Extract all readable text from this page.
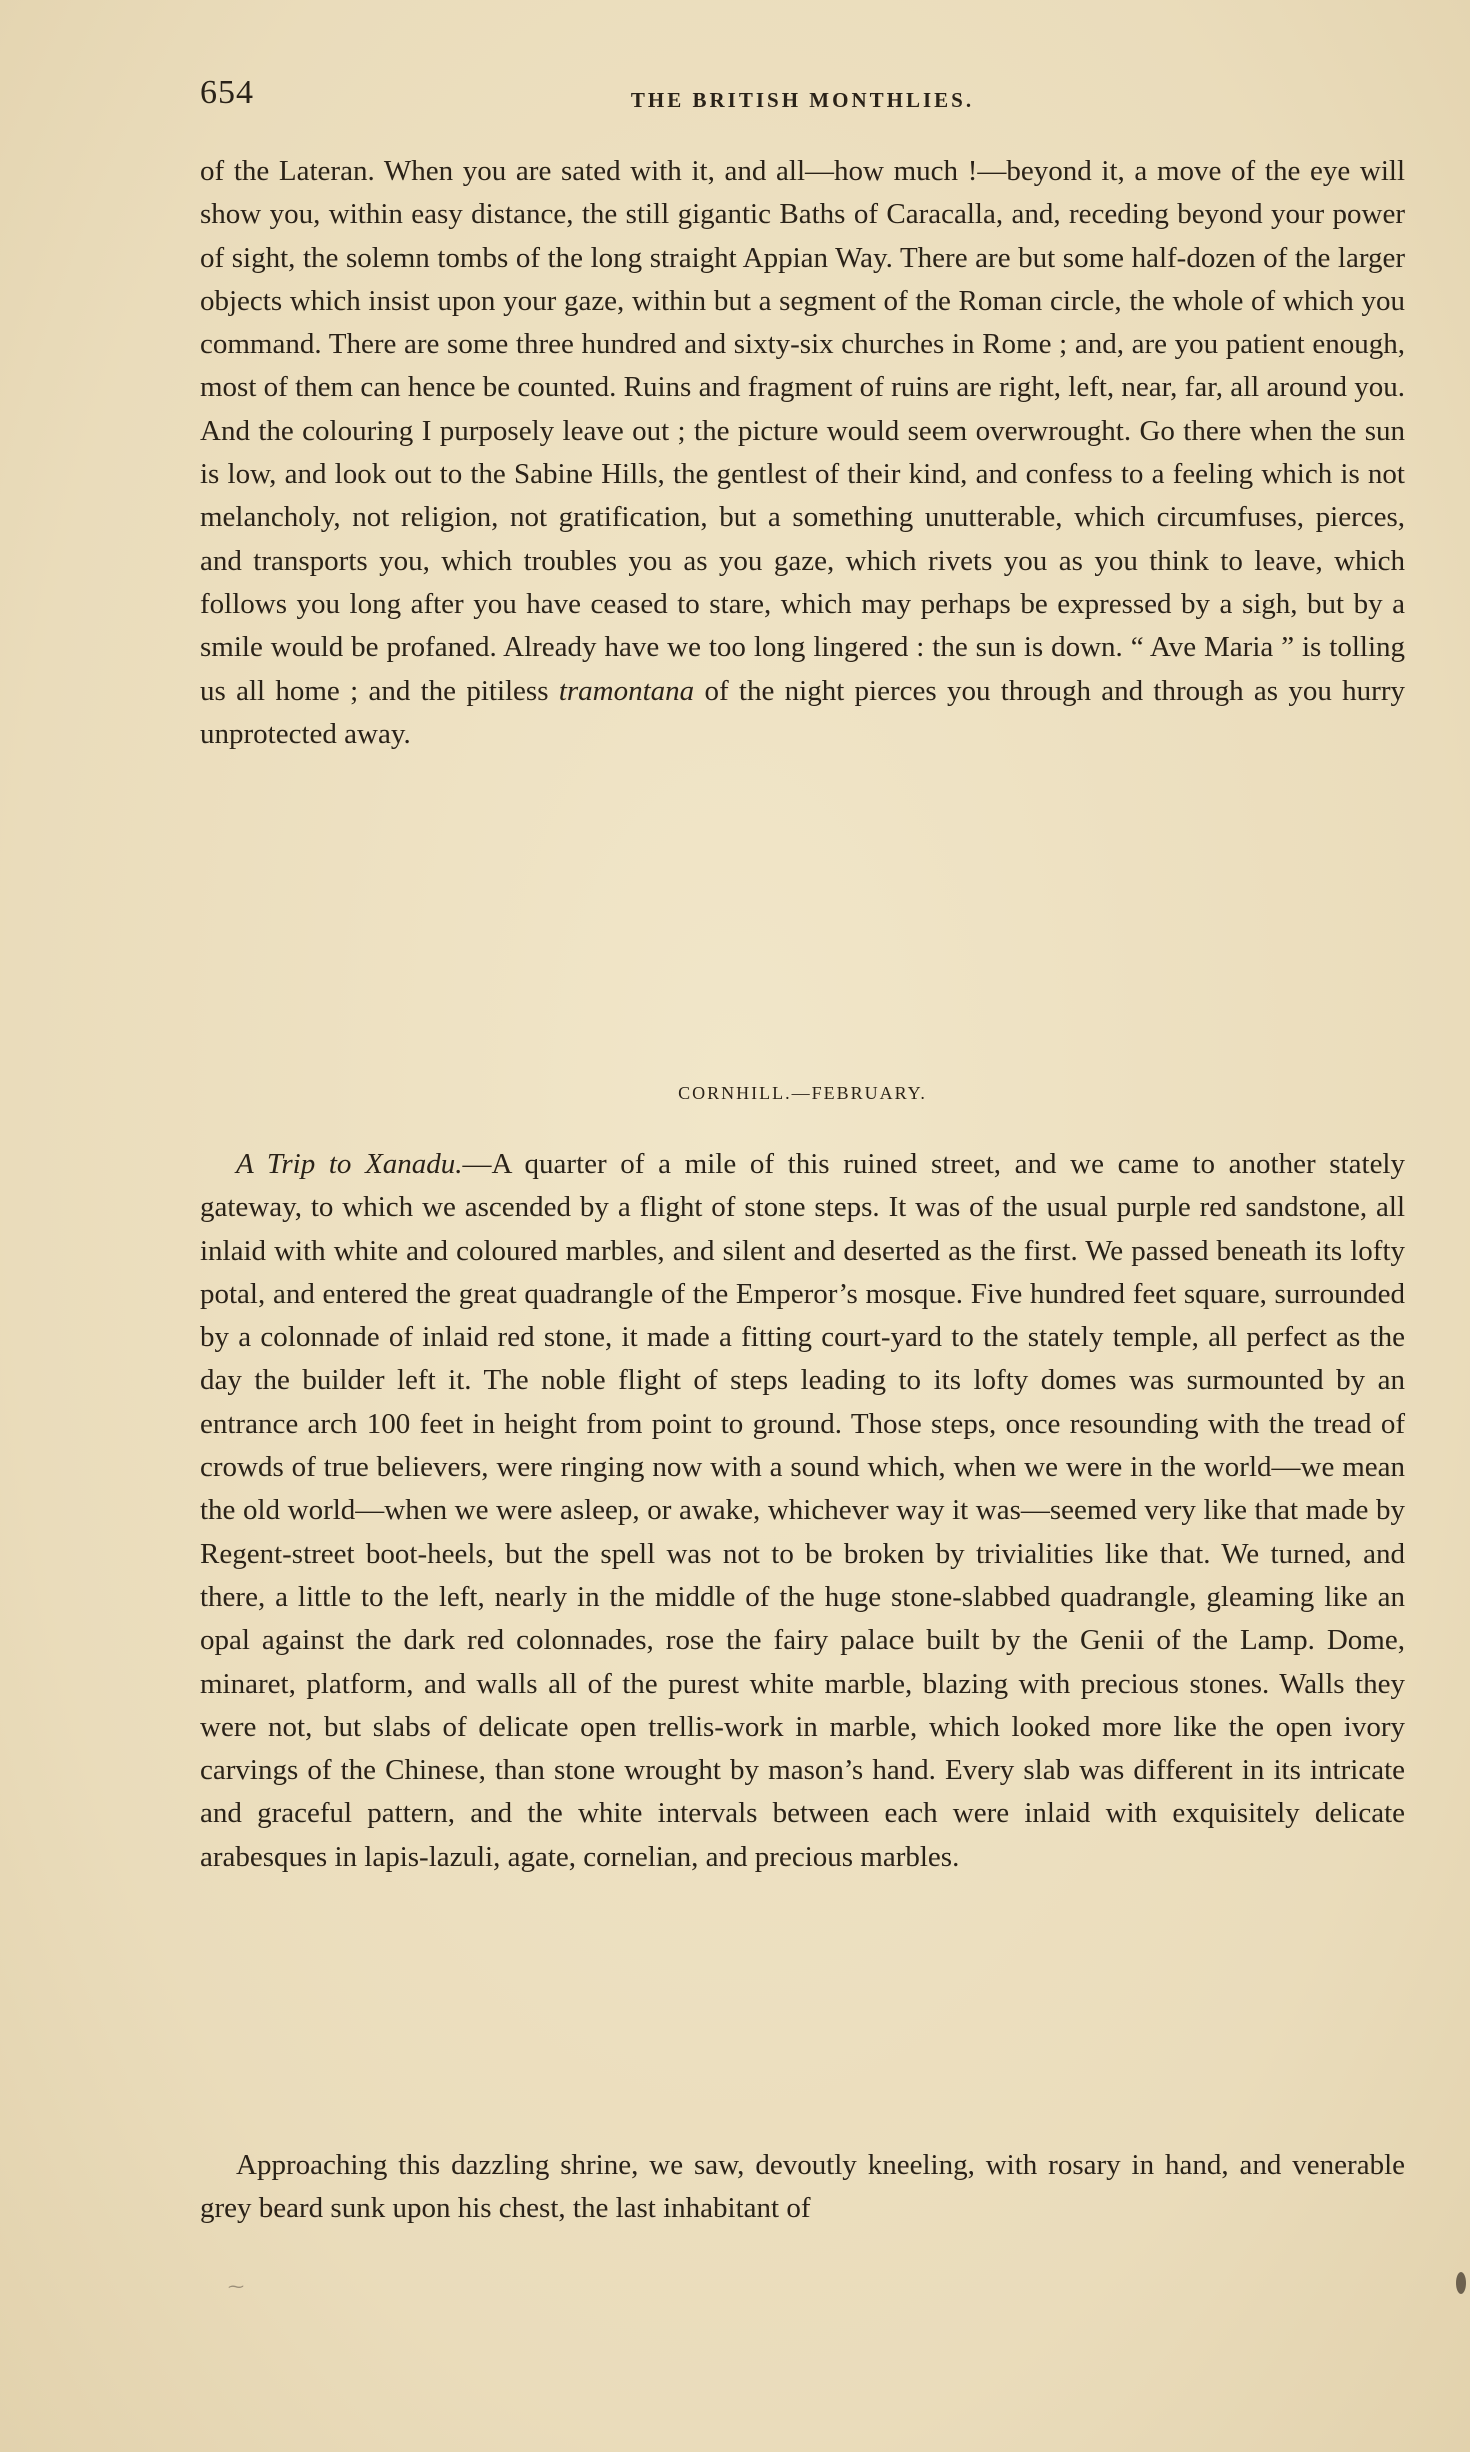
654	THE BRITISH MONTHLIES.

of the Lateran. When you are sated with it, and all—how much !—beyond it, a move of the eye will show you, within easy distance, the still gigantic Baths of Caracalla, and, receding beyond your power of sight, the solemn tombs of the long straight Appian Way. There are but some half-dozen of the larger objects which insist upon your gaze, within but a segment of the Roman circle, the whole of which you command. There are some three hundred and sixty-six churches in Rome ; and, are you patient enough, most of them can hence be counted. Ruins and fragment of ruins are right, left, near, far, all around you. And the colouring I purposely leave out ; the picture would seem overwrought. Go there when the sun is low, and look out to the Sabine Hills, the gentlest of their kind, and confess to a feeling which is not melancholy, not religion, not gratification, but a something unutterable, which circumfuses, pierces, and transports you, which troubles you as you gaze, which rivets you as you think to leave, which follows you long after you have ceased to stare, which may perhaps be expressed by a sigh, but by a smile would be profaned. Already have we too long lingered : the sun is down. “ Ave Maria ” is tolling us all home ; and the pitiless tramontana of the night pierces you through and through as you hurry unprotected away.

CORNHILL.—FEBRUARY.

A Trip to Xanadu.—A quarter of a mile of this ruined street, and we came to another stately gateway, to which we ascended by a flight of stone steps. It was of the usual purple red sandstone, all inlaid with white and coloured marbles, and silent and deserted as the first. We passed beneath its lofty potal, and entered the great quadrangle of the Emperor’s mosque. Five hundred feet square, surrounded by a colonnade of inlaid red stone, it made a fitting court-yard to the stately temple, all perfect as the day the builder left it. The noble flight of steps leading to its lofty domes was surmounted by an entrance arch 100 feet in height from point to ground. Those steps, once resounding with the tread of crowds of true believers, were ringing now with a sound which, when we were in the world—we mean the old world—when we were asleep, or awake, whichever way it was—seemed very like that made by Regent-street boot-heels, but the spell was not to be broken by trivialities like that. We turned, and there, a little to the left, nearly in the middle of the huge stone-slabbed quadrangle, gleaming like an opal against the dark red colonnades, rose the fairy palace built by the Genii of the Lamp. Dome, minaret, platform, and walls all of the purest white marble, blazing with precious stones. Walls they were not, but slabs of delicate open trellis-work in marble, which looked more like the open ivory carvings of the Chinese, than stone wrought by mason’s hand. Every slab was different in its intricate and graceful pattern, and the white intervals between each were inlaid with exquisitely delicate arabesques in lapis-lazuli, agate, cornelian, and precious marbles.

Approaching this dazzling shrine, we saw, devoutly kneeling, with rosary in hand, and venerable grey beard sunk upon his chest, the last inhabitant of

⁓
